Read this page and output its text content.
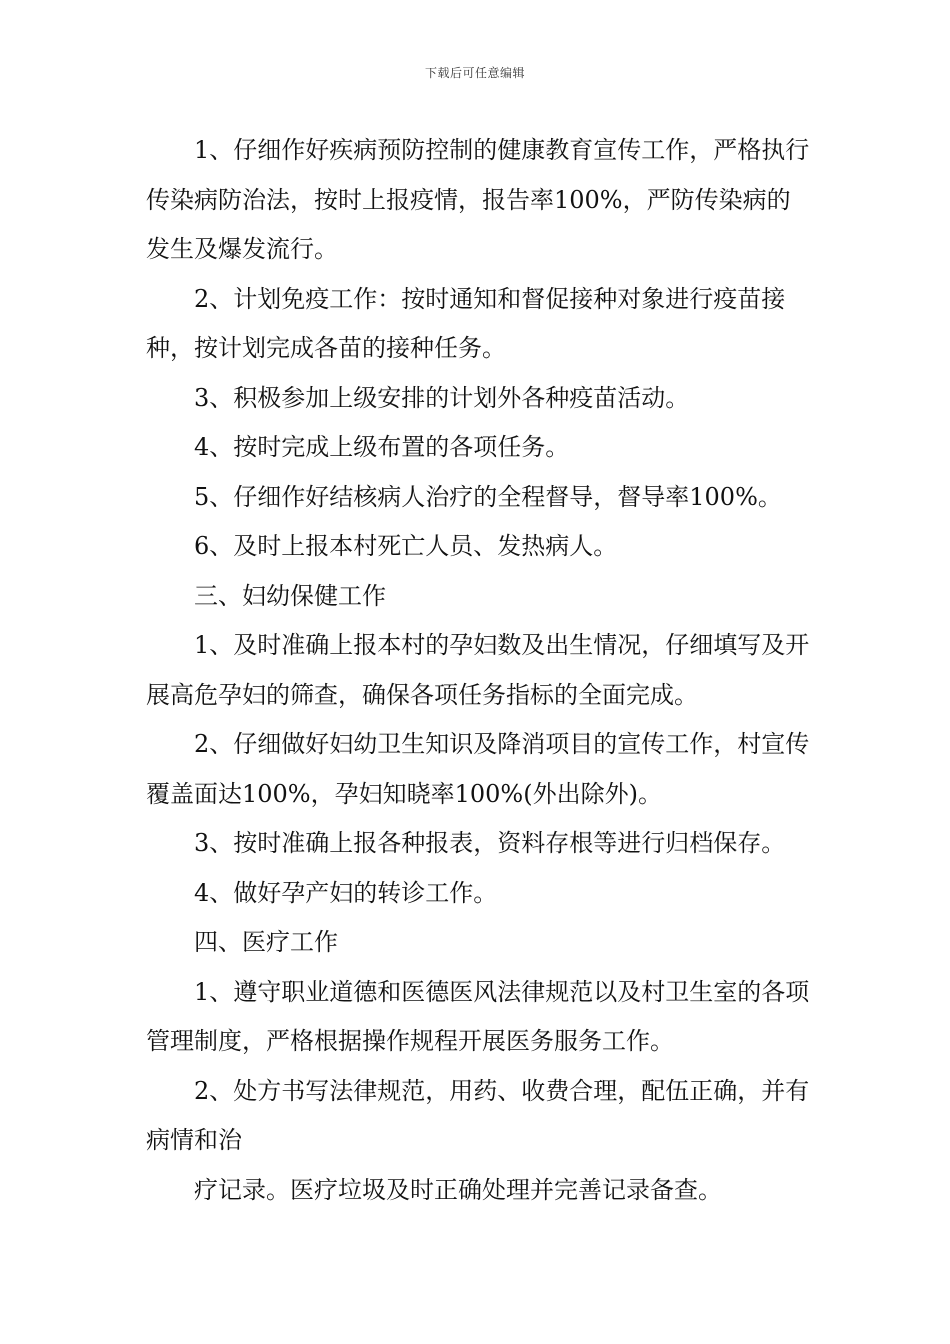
下载后可任意编辑

1、仔细作好疾病预防控制的健康教育宣传工作，严格执行传染病防治法，按时上报疫情，报告率100%，严防传染病的发生及爆发流行。

2、计划免疫工作：按时通知和督促接种对象进行疫苗接种，按计划完成各苗的接种任务。

3、积极参加上级安排的计划外各种疫苗活动。

4、按时完成上级布置的各项任务。

5、仔细作好结核病人治疗的全程督导，督导率100%。

6、及时上报本村死亡人员、发热病人。

三、妇幼保健工作

1、及时准确上报本村的孕妇数及出生情况，仔细填写及开展高危孕妇的筛查，确保各项任务指标的全面完成。

2、仔细做好妇幼卫生知识及降消项目的宣传工作，村宣传覆盖面达100%，孕妇知晓率100%(外出除外)。

3、按时准确上报各种报表，资料存根等进行归档保存。

4、做好孕产妇的转诊工作。

四、医疗工作

1、遵守职业道德和医德医风法律规范以及村卫生室的各项管理制度，严格根据操作规程开展医务服务工作。

2、处方书写法律规范，用药、收费合理，配伍正确，并有病情和治

疗记录。医疗垃圾及时正确处理并完善记录备查。
